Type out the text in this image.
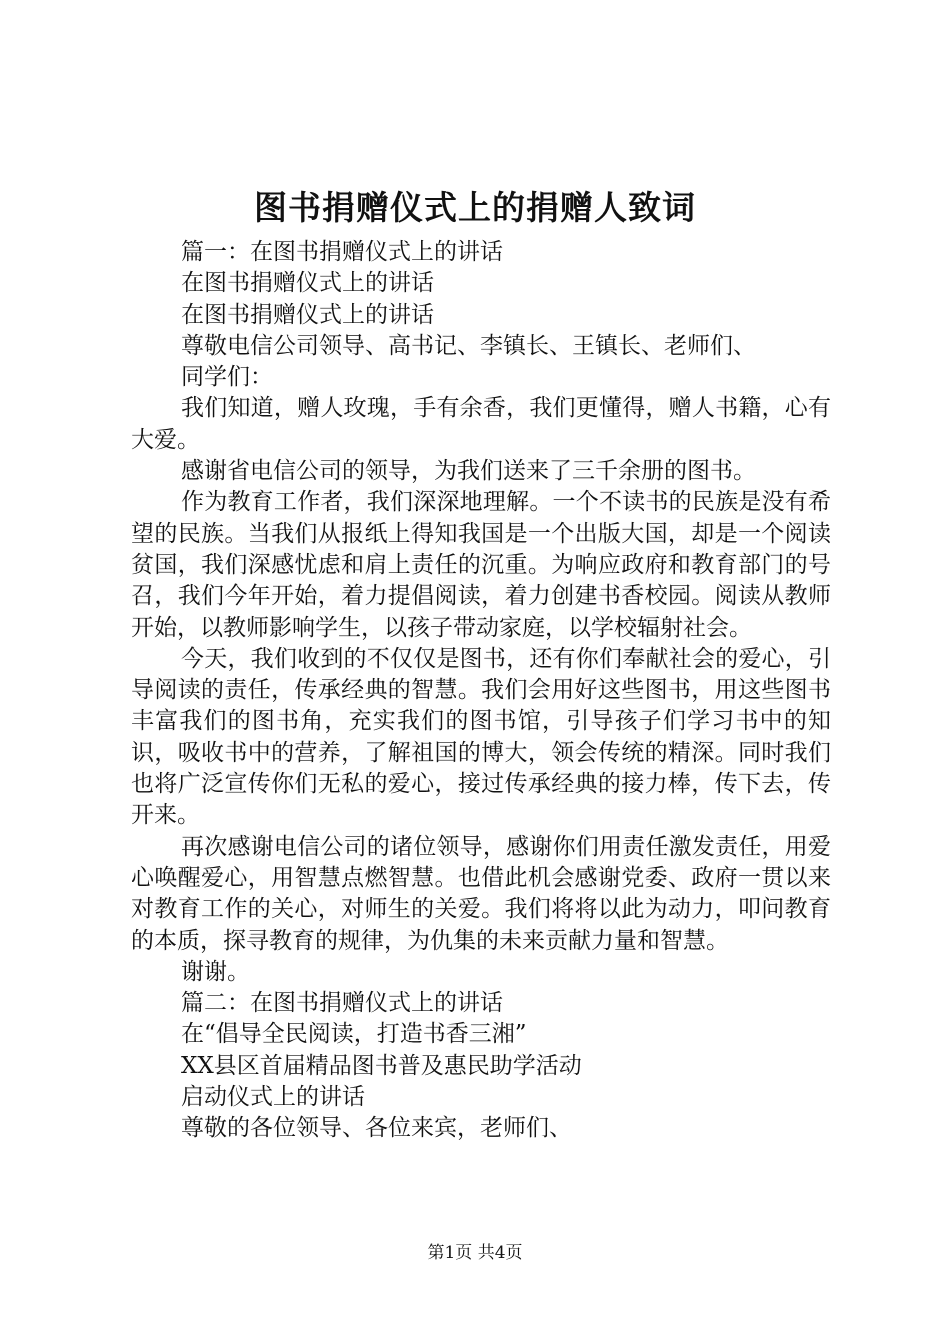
图书捐赠仪式上的捐赠人致词

篇一：在图书捐赠仪式上的讲话

在图书捐赠仪式上的讲话

在图书捐赠仪式上的讲话

尊敬电信公司领导、高书记、李镇长、王镇长、老师们、

同学们：

我们知道，赠人玫瑰，手有余香，我们更懂得，赠人书籍，心有大爱。

感谢省电信公司的领导，为我们送来了三千余册的图书。

作为教育工作者，我们深深地理解。一个不读书的民族是没有希望的民族。当我们从报纸上得知我国是一个出版大国，却是一个阅读贫国，我们深感忧虑和肩上责任的沉重。为响应政府和教育部门的号召，我们今年开始，着力提倡阅读，着力创建书香校园。阅读从教师开始，以教师影响学生，以孩子带动家庭，以学校辐射社会。

今天，我们收到的不仅仅是图书，还有你们奉献社会的爱心，引导阅读的责任，传承经典的智慧。我们会用好这些图书，用这些图书丰富我们的图书角，充实我们的图书馆，引导孩子们学习书中的知识，吸收书中的营养，了解祖国的博大，领会传统的精深。同时我们也将广泛宣传你们无私的爱心，接过传承经典的接力棒，传下去，传开来。

再次感谢电信公司的诸位领导，感谢你们用责任激发责任，用爱心唤醒爱心，用智慧点燃智慧。也借此机会感谢党委、政府一贯以来对教育工作的关心，对师生的关爱。我们将将以此为动力，叩问教育的本质，探寻教育的规律，为仇集的未来贡献力量和智慧。

谢谢。

篇二：在图书捐赠仪式上的讲话

在“倡导全民阅读，打造书香三湘”

XX县区首届精品图书普及惠民助学活动

启动仪式上的讲话

尊敬的各位领导、各位来宾，老师们、

第1页 共4页
